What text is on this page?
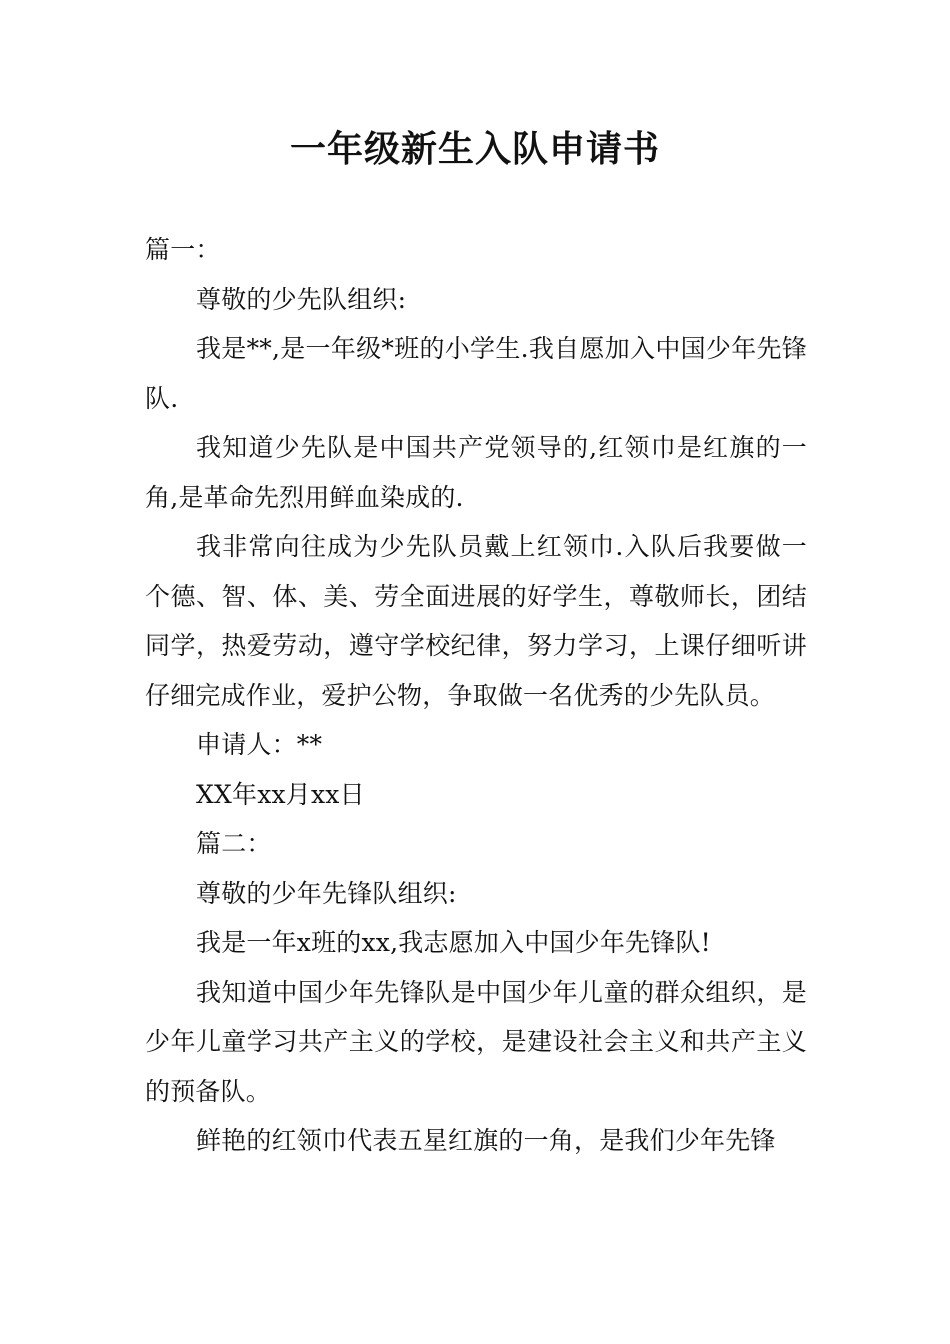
一年级新生入队申请书

篇一：

尊敬的少先队组织:

我是**,是一年级*班的小学生.我自愿加入中国少年先锋队.

我知道少先队是中国共产党领导的,红领巾是红旗的一角,是革命先烈用鲜血染成的.

我非常向往成为少先队员戴上红领巾.入队后我要做一个德、智、体、美、劳全面进展的好学生，尊敬师长，团结同学，热爱劳动，遵守学校纪律，努力学习，上课仔细听讲仔细完成作业，爱护公物，争取做一名优秀的少先队员。

申请人：**

XX年xx月xx日

篇二：

尊敬的少年先锋队组织:

我是一年x班的xx,我志愿加入中国少年先锋队!

我知道中国少年先锋队是中国少年儿童的群众组织，是少年儿童学习共产主义的学校，是建设社会主义和共产主义的预备队。

鲜艳的红领巾代表五星红旗的一角，是我们少年先锋
